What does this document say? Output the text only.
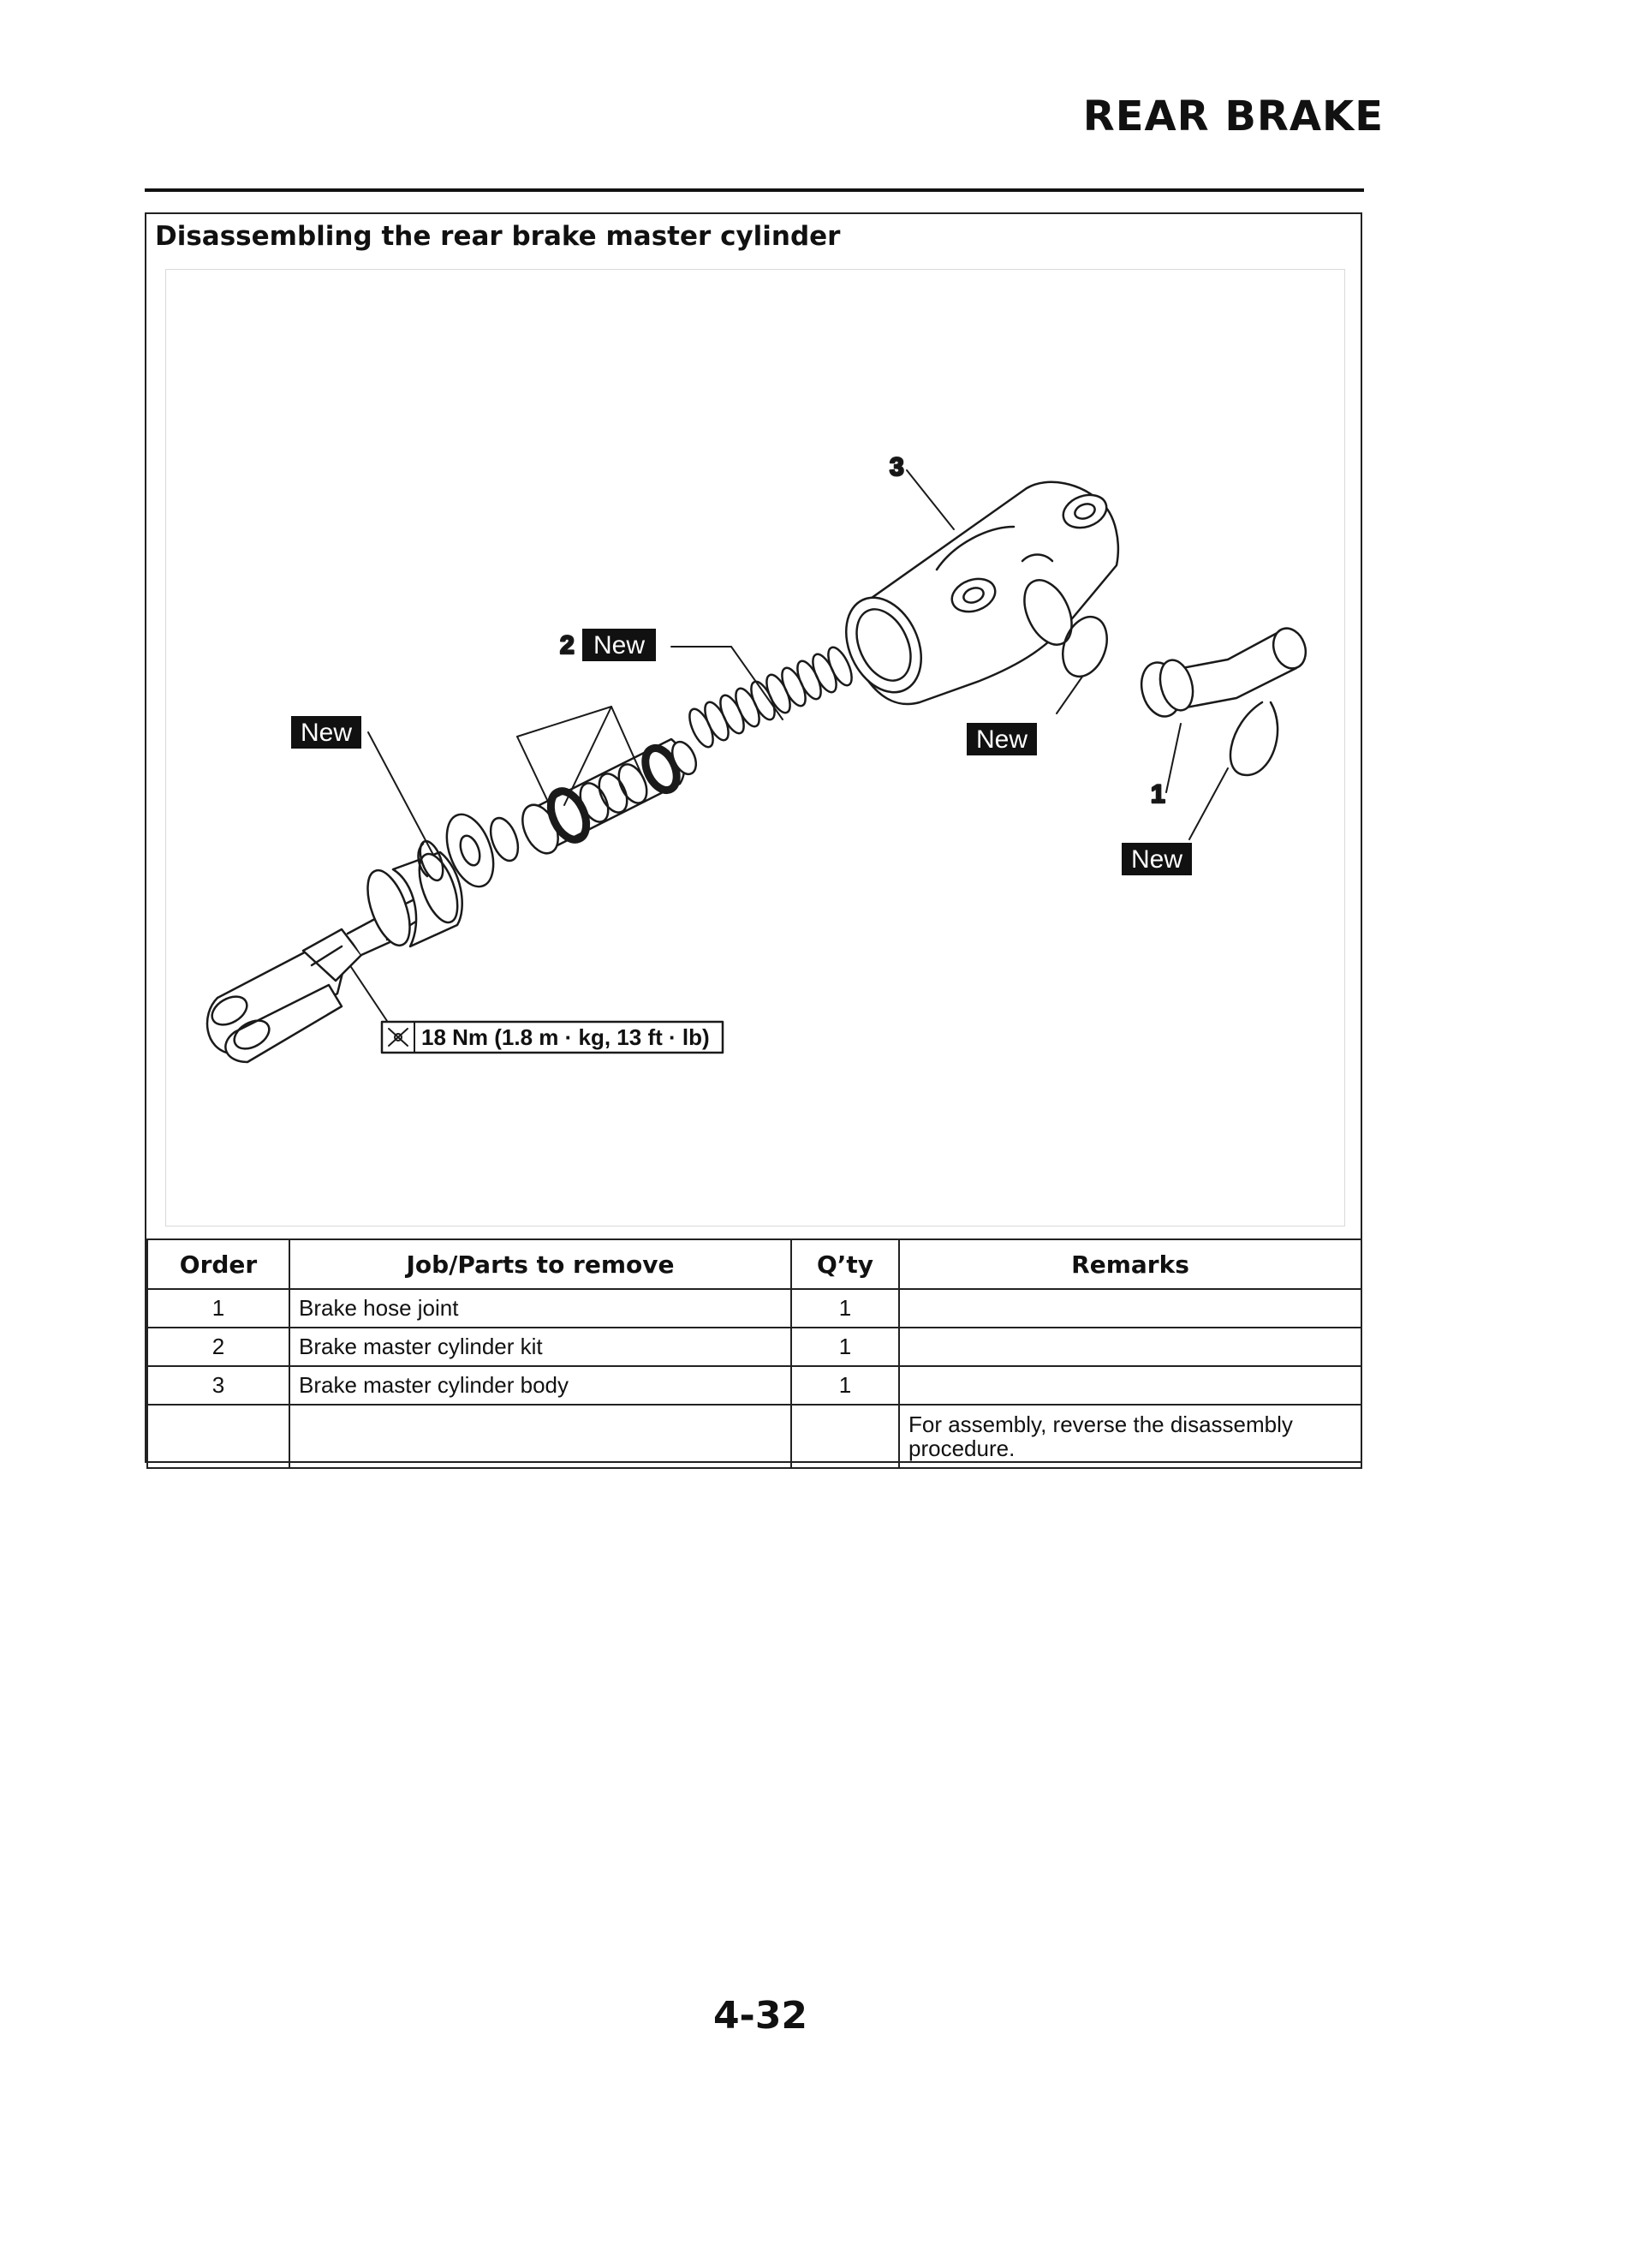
REAR BRAKE
Disassembling the rear brake master cylinder
3
2
1
New
New	New
New
18 Nm (1.8 m · kg, 13 ft · lb)
Order	Job/Parts to remove	Q’ty	Remarks
1	Brake hose joint	1	
2	Brake master cylinder kit	1	
3	Brake master cylinder body	1	

			For assembly, reverse the disassembly procedure.
4-32
